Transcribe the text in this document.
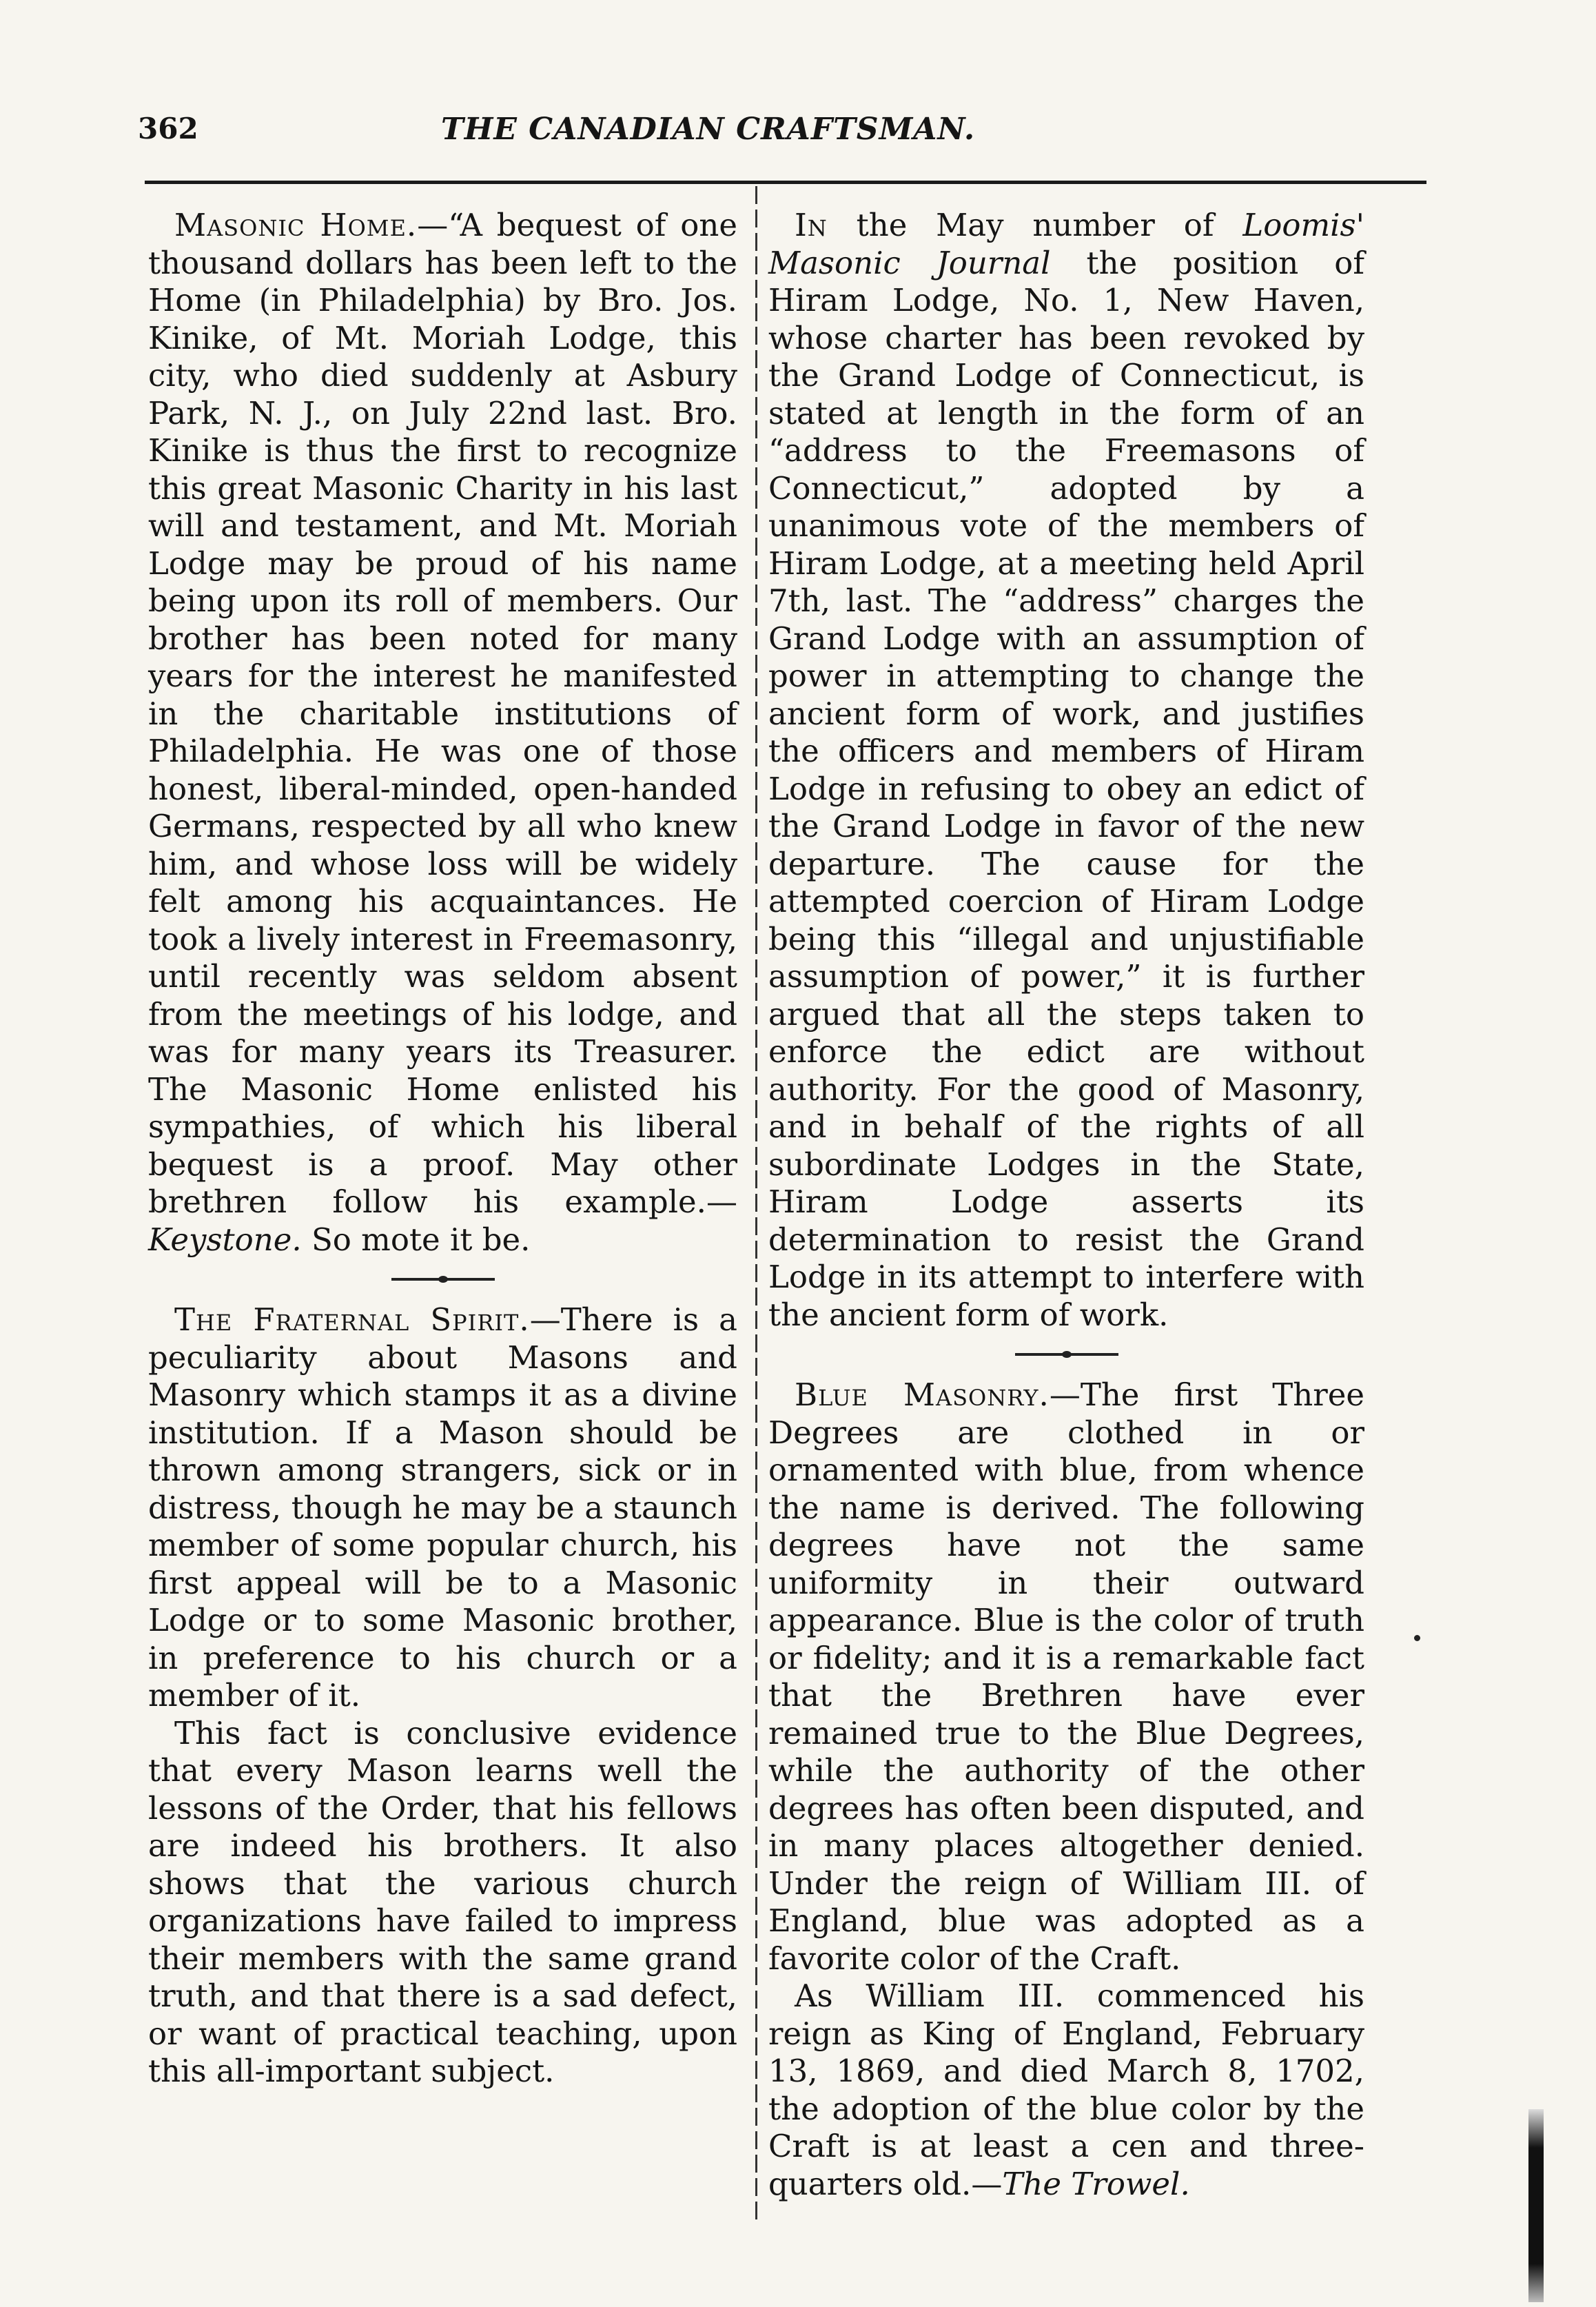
362	THE CANADIAN CRAFTSMAN.

Masonic Home.—“A bequest of one thousand dollars has been left to the Home (in Philadelphia) by Bro. Jos. Kinike, of Mt. Moriah Lodge, this city, who died suddenly at Asbury Park, N. J., on July 22nd last. Bro. Kinike is thus the first to recognize this great Masonic Charity in his last will and testament, and Mt. Moriah Lodge may be proud of his name being upon its roll of members. Our brother has been noted for many years for the interest he manifested in the charitable institutions of Philadelphia. He was one of those honest, liberal-minded, open-handed Germans, respected by all who knew him, and whose loss will be widely felt among his acquaintances. He took a lively interest in Freemasonry, until recently was seldom absent from the meetings of his lodge, and was for many years its Treasurer. The Masonic Home enlisted his sympathies, of which his liberal bequest is a proof. May other brethren follow his example.—Keystone. So mote it be.

The Fraternal Spirit.—There is a peculiarity about Masons and Masonry which stamps it as a divine institution. If a Mason should be thrown among strangers, sick or in distress, though he may be a staunch member of some popular church, his first appeal will be to a Masonic Lodge or to some Masonic brother, in preference to his church or a member of it.

This fact is conclusive evidence that every Mason learns well the lessons of the Order, that his fellows are indeed his brothers. It also shows that the various church organizations have failed to impress their members with the same grand truth, and that there is a sad defect, or want of practical teaching, upon this all-important subject.

In the May number of Loomis' Masonic Journal the position of Hiram Lodge, No. 1, New Haven, whose charter has been revoked by the Grand Lodge of Connecticut, is stated at length in the form of an “address to the Freemasons of Connecticut,” adopted by a unanimous vote of the members of Hiram Lodge, at a meeting held April 7th, last. The “address” charges the Grand Lodge with an assumption of power in attempting to change the ancient form of work, and justifies the officers and members of Hiram Lodge in refusing to obey an edict of the Grand Lodge in favor of the new departure. The cause for the attempted coercion of Hiram Lodge being this “illegal and unjustifiable assumption of power,” it is further argued that all the steps taken to enforce the edict are without authority. For the good of Masonry, and in behalf of the rights of all subordinate Lodges in the State, Hiram Lodge asserts its determination to resist the Grand Lodge in its attempt to interfere with the ancient form of work.

Blue Masonry.—The first Three Degrees are clothed in or ornamented with blue, from whence the name is derived. The following degrees have not the same uniformity in their outward appearance. Blue is the color of truth or fidelity; and it is a remarkable fact that the Brethren have ever remained true to the Blue Degrees, while the authority of the other degrees has often been disputed, and in many places altogether denied. Under the reign of William III. of England, blue was adopted as a favorite color of the Craft.

As William III. commenced his reign as King of England, February 13, 1869, and died March 8, 1702, the adoption of the blue color by the Craft is at least a cen and three-quarters old.—The Trowel.
